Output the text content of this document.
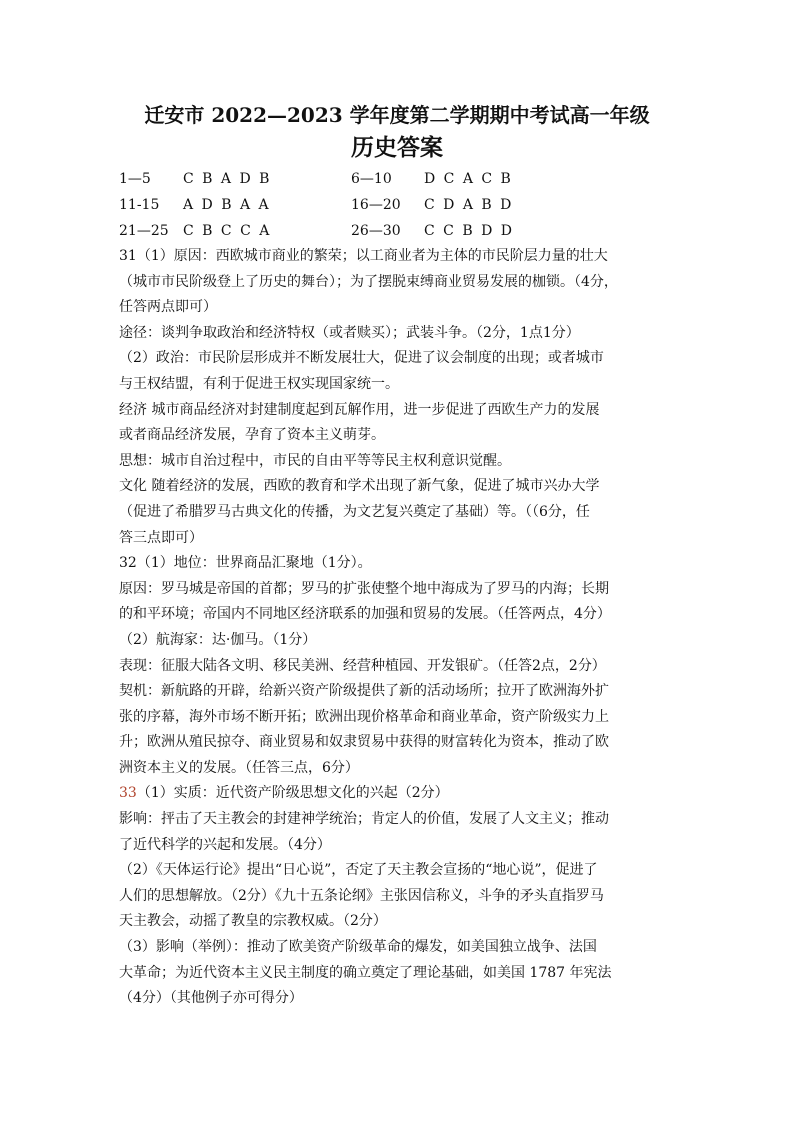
迁安市 2022—2023 学年度第二学期期中考试高一年级
历史答案
1—5 C B A D B	6—10 D C A C B
11-15 A D B A A	16—20 C D A B D
21—25 C B C C A	26—30 C C B D D
31（1）原因：西欧城市商业的繁荣；以工商业者为主体的市民阶层力量的壮大
（城市市民阶级登上了历史的舞台）；为了摆脱束缚商业贸易发展的枷锁。（4分，
任答两点即可）
途径：谈判争取政治和经济特权（或者赎买）；武装斗争。（2分，1点1分）
（2）政治：市民阶层形成并不断发展壮大，促进了议会制度的出现；或者城市
与王权结盟，有利于促进王权实现国家统一。
经济 城市商品经济对封建制度起到瓦解作用，进一步促进了西欧生产力的发展
或者商品经济发展，孕育了资本主义萌芽。
思想：城市自治过程中，市民的自由平等等民主权利意识觉醒。
文化 随着经济的发展，西欧的教育和学术出现了新气象，促进了城市兴办大学
（促进了希腊罗马古典文化的传播，为文艺复兴奠定了基础）等。（（6分，任
答三点即可）
32（1）地位：世界商品汇聚地（1分）。
原因：罗马城是帝国的首都；罗马的扩张使整个地中海成为了罗马的内海；长期
的和平环境；帝国内不同地区经济联系的加强和贸易的发展。（任答两点，4分）
（2）航海家：达·伽马。（1分）
表现：征服大陆各文明、移民美洲、经营种植园、开发银矿。（任答2点，2分）
契机：新航路的开辟，给新兴资产阶级提供了新的活动场所；拉开了欧洲海外扩
张的序幕，海外市场不断开拓；欧洲出现价格革命和商业革命，资产阶级实力上
升；欧洲从殖民掠夺、商业贸易和奴隶贸易中获得的财富转化为资本，推动了欧
洲资本主义的发展。（任答三点，6分）
33（1）实质：近代资产阶级思想文化的兴起（2分）
影响：抨击了天主教会的封建神学统治；肯定人的价值，发展了人文主义；推动
了近代科学的兴起和发展。（4分）
（2）《天体运行论》提出“日心说”，否定了天主教会宣扬的“地心说”，促进了
人们的思想解放。（2分）《九十五条论纲》主张因信称义，斗争的矛头直指罗马
天主教会，动摇了教皇的宗教权威。（2分）
（3）影响（举例）：推动了欧美资产阶级革命的爆发，如美国独立战争、法国
大革命；为近代资本主义民主制度的确立奠定了理论基础，如美国 1787 年宪法
（4分）（其他例子亦可得分）
